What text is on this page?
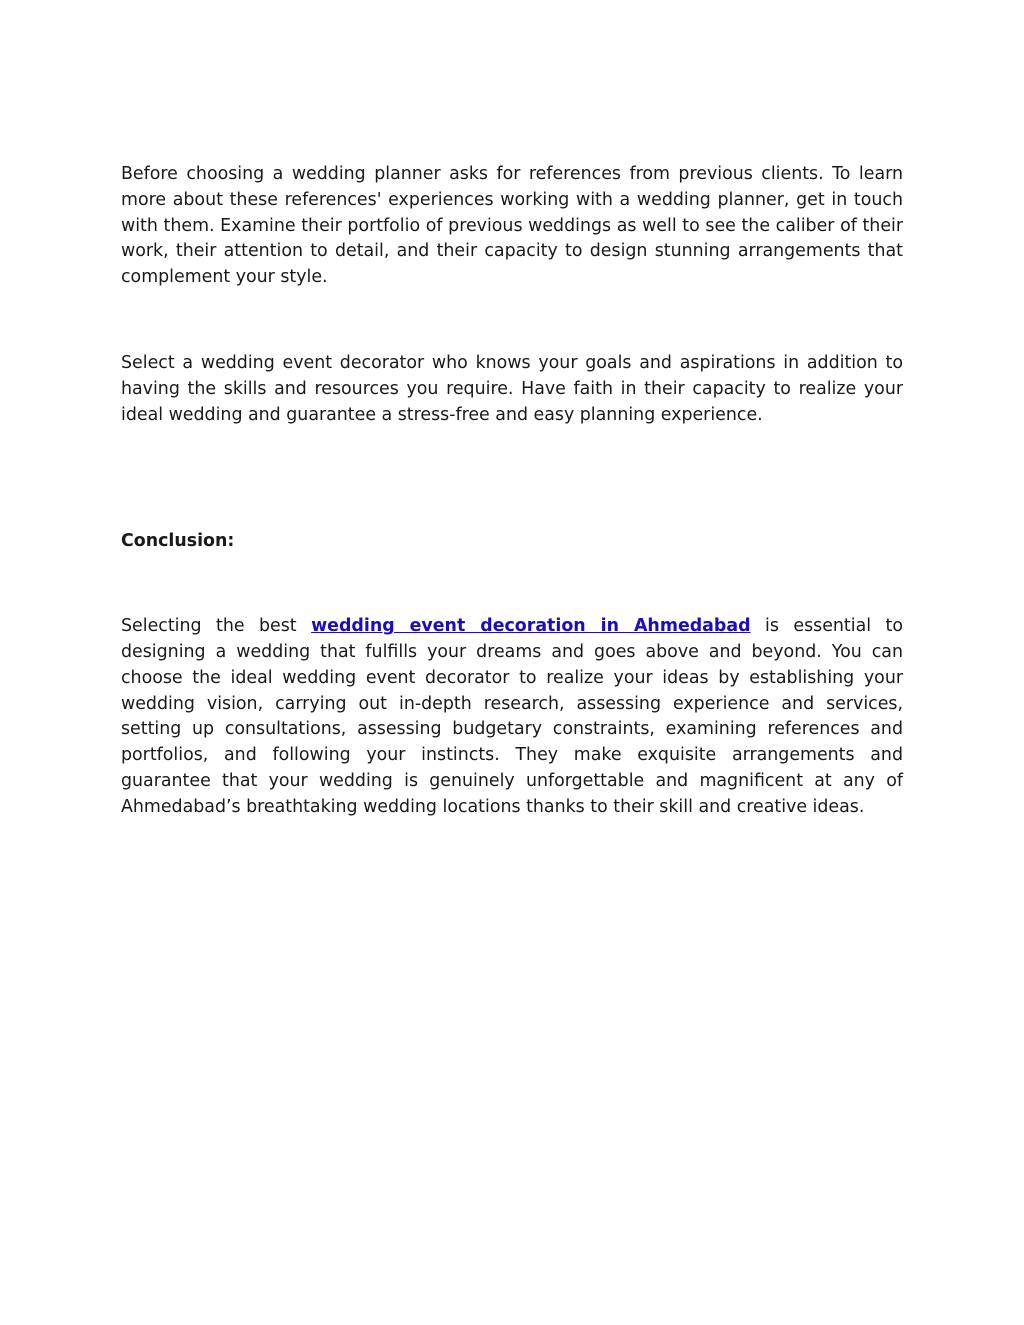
Before choosing a wedding planner asks for references from previous clients. To learn more about these references' experiences working with a wedding planner, get in touch with them. Examine their portfolio of previous weddings as well to see the caliber of their work, their attention to detail, and their capacity to design stunning arrangements that complement your style.

Select a wedding event decorator who knows your goals and aspirations in addition to having the skills and resources you require. Have faith in their capacity to realize your ideal wedding and guarantee a stress-free and easy planning experience.

Conclusion:

Selecting the best wedding event decoration in Ahmedabad is essential to designing a wedding that fulfills your dreams and goes above and beyond. You can choose the ideal wedding event decorator to realize your ideas by establishing your wedding vision, carrying out in-depth research, assessing experience and services, setting up consultations, assessing budgetary constraints, examining references and portfolios, and following your instincts. They make exquisite arrangements and guarantee that your wedding is genuinely unforgettable and magnificent at any of Ahmedabad’s breathtaking wedding locations thanks to their skill and creative ideas.
